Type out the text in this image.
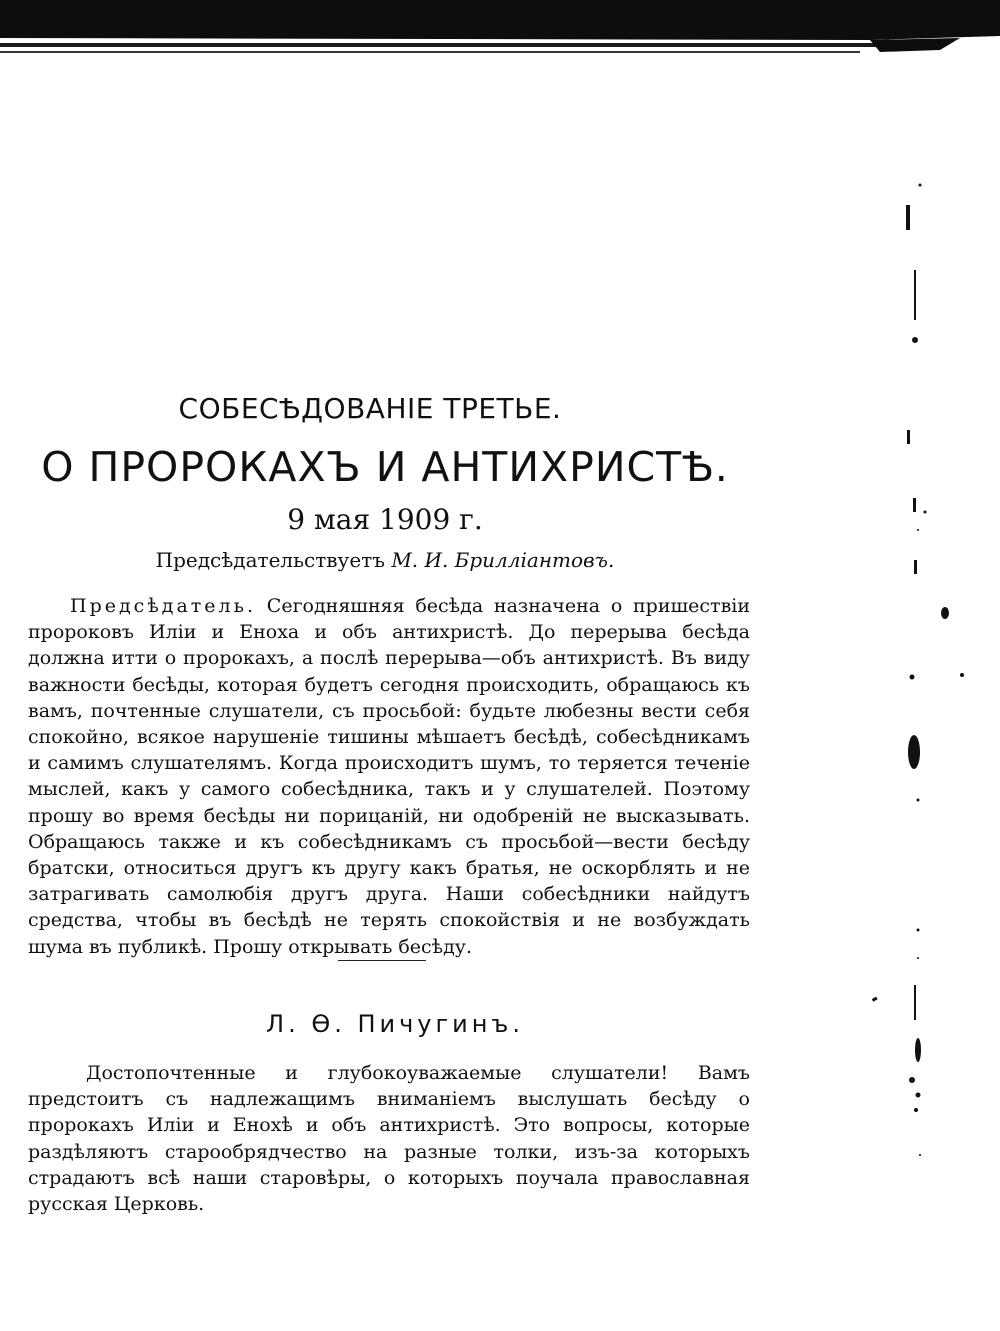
СОБЕСѢДОВАНІЕ ТРЕТЬЕ.
О ПРОРОКАХЪ И АНТИХРИСТѢ.
9 мая 1909 г.
Предсѣдательствуетъ М. И. Бриллiантовъ.
Предсѣдатель. Сегодняшняя бесѣда назначена о пришествiи пророковъ Илiи и Еноха и объ антихристѣ. До перерыва бесѣда должна итти о пророкахъ, а послѣ перерыва—объ антихристѣ. Въ виду важности бесѣды, которая будетъ сегодня происходить, обращаюсь къ вамъ, почтенные слушатели, съ просьбой: будьте любезны вести себя спокойно, всякое нарушенiе тишины мѣшаетъ бесѣдѣ, собесѣдникамъ и самимъ слушателямъ. Когда происходитъ шумъ, то теряется теченiе мыслей, какъ у самого собесѣдника, такъ и у слушателей. Поэтому прошу во время бесѣды ни порицанiй, ни одобренiй не высказывать. Обращаюсь также и къ собесѣдникамъ съ просьбой—вести бесѣду братски, относиться другъ къ другу какъ братья, не оскорблять и не затрагивать самолюбiя другъ друга. Наши собесѣдники найдутъ средства, чтобы въ бесѣдѣ не терять спокойствiя и не возбуждать шума въ публикѣ. Прошу открывать бесѣду.
Л. Ѳ. Пичугинъ.
Достопочтенные и глубокоуважаемые слушатели! Вамъ предстоитъ съ надлежащимъ вниманiемъ выслушать бесѣду о пророкахъ Илiи и Енохѣ и объ антихристѣ. Это вопросы, которые раздѣляютъ старообрядчество на разные толки, изъ-за которыхъ страдаютъ всѣ наши старовѣры, о которыхъ поучала православная русская Церковь.
